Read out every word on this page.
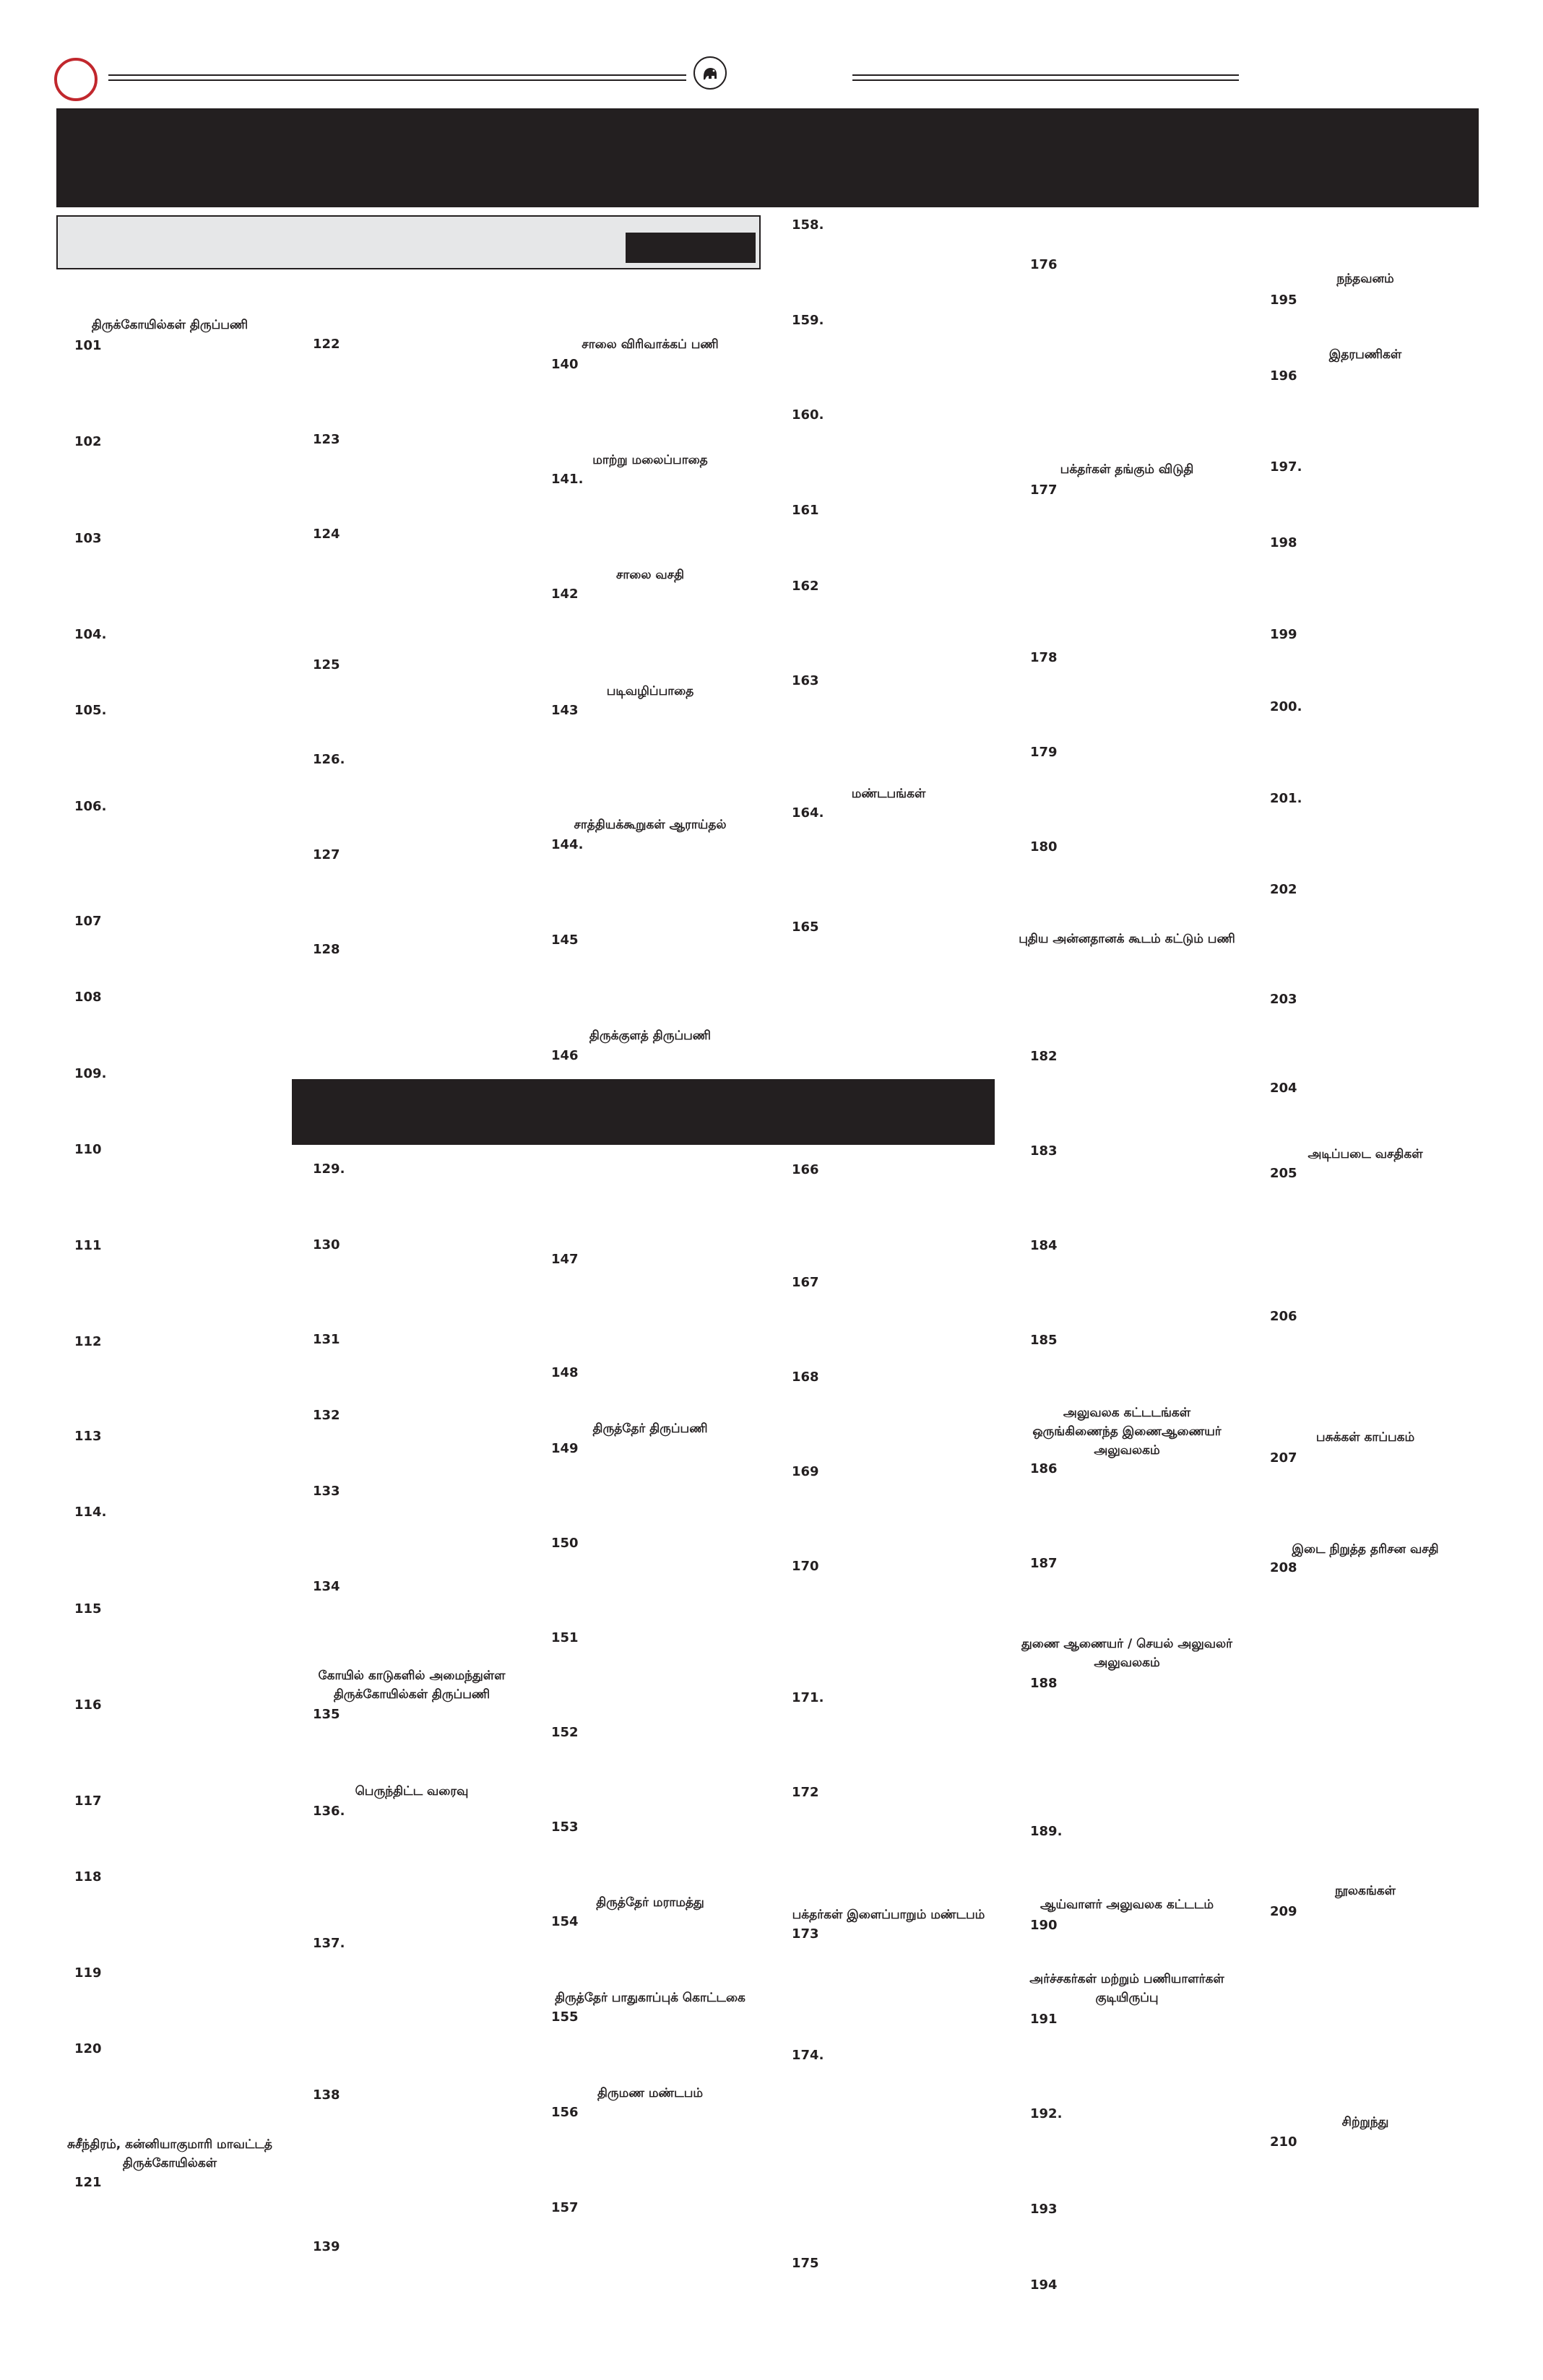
திருக்கோயில்கள் திருப்பணி
101
102
103
104.
105.
106.
107
108
109.
110
111
112
113
114.
115
116
117
118
119
120
சுசீந்திரம், கன்னியாகுமாரி மாவட்டத்
திருக்கோயில்கள்
121
122
123
124
125
126.
127
128
129.
130
131
132
133
134
கோயில் காடுகளில் அமைந்துள்ள
திருக்கோயில்கள் திருப்பணி
135
பெருந்திட்ட வரைவு
136.
137.
138
139
சாலை விரிவாக்கப் பணி
140
மாற்று மலைப்பாதை
141.
சாலை வசதி
142
படிவழிப்பாதை
143
சாத்தியக்கூறுகள் ஆராய்தல்
144.
145
திருக்குளத் திருப்பணி
146
147
148
திருத்தேர் திருப்பணி
149
150
151
152
153
திருத்தேர் மராமத்து
154
திருத்தேர் பாதுகாப்புக் கொட்டகை
155
திருமண மண்டபம்
156
157
158.
159.
160.
161
162
163
மண்டபங்கள்
164.
165
166
167
168
169
170
171.
172
பக்தர்கள் இளைப்பாறும் மண்டபம்
173
174.
175
176
பக்தர்கள் தங்கும் விடுதி
177
178
179
180
புதிய அன்னதானக் கூடம் கட்டும் பணி
182
183
184
185
அலுவலக கட்டடங்கள்
ஒருங்கிணைந்த இணைஆணையர்
அலுவலகம்
186
187
துணை ஆணையர் / செயல் அலுவலர்
அலுவலகம்
188
189.
ஆய்வாளர் அலுவலக கட்டடம்
190
அர்ச்சகர்கள் மற்றும் பணியாளர்கள்
குடியிருப்பு
191
192.
193
194
நந்தவனம்
195
இதரபணிகள்
196
197.
198
199
200.
201.
202
203
204
அடிப்படை வசதிகள்
205
206
பசுக்கள் காப்பகம்
207
இடை நிறுத்த தரிசன வசதி
208
நூலகங்கள்
209
சிற்றுந்து
210
